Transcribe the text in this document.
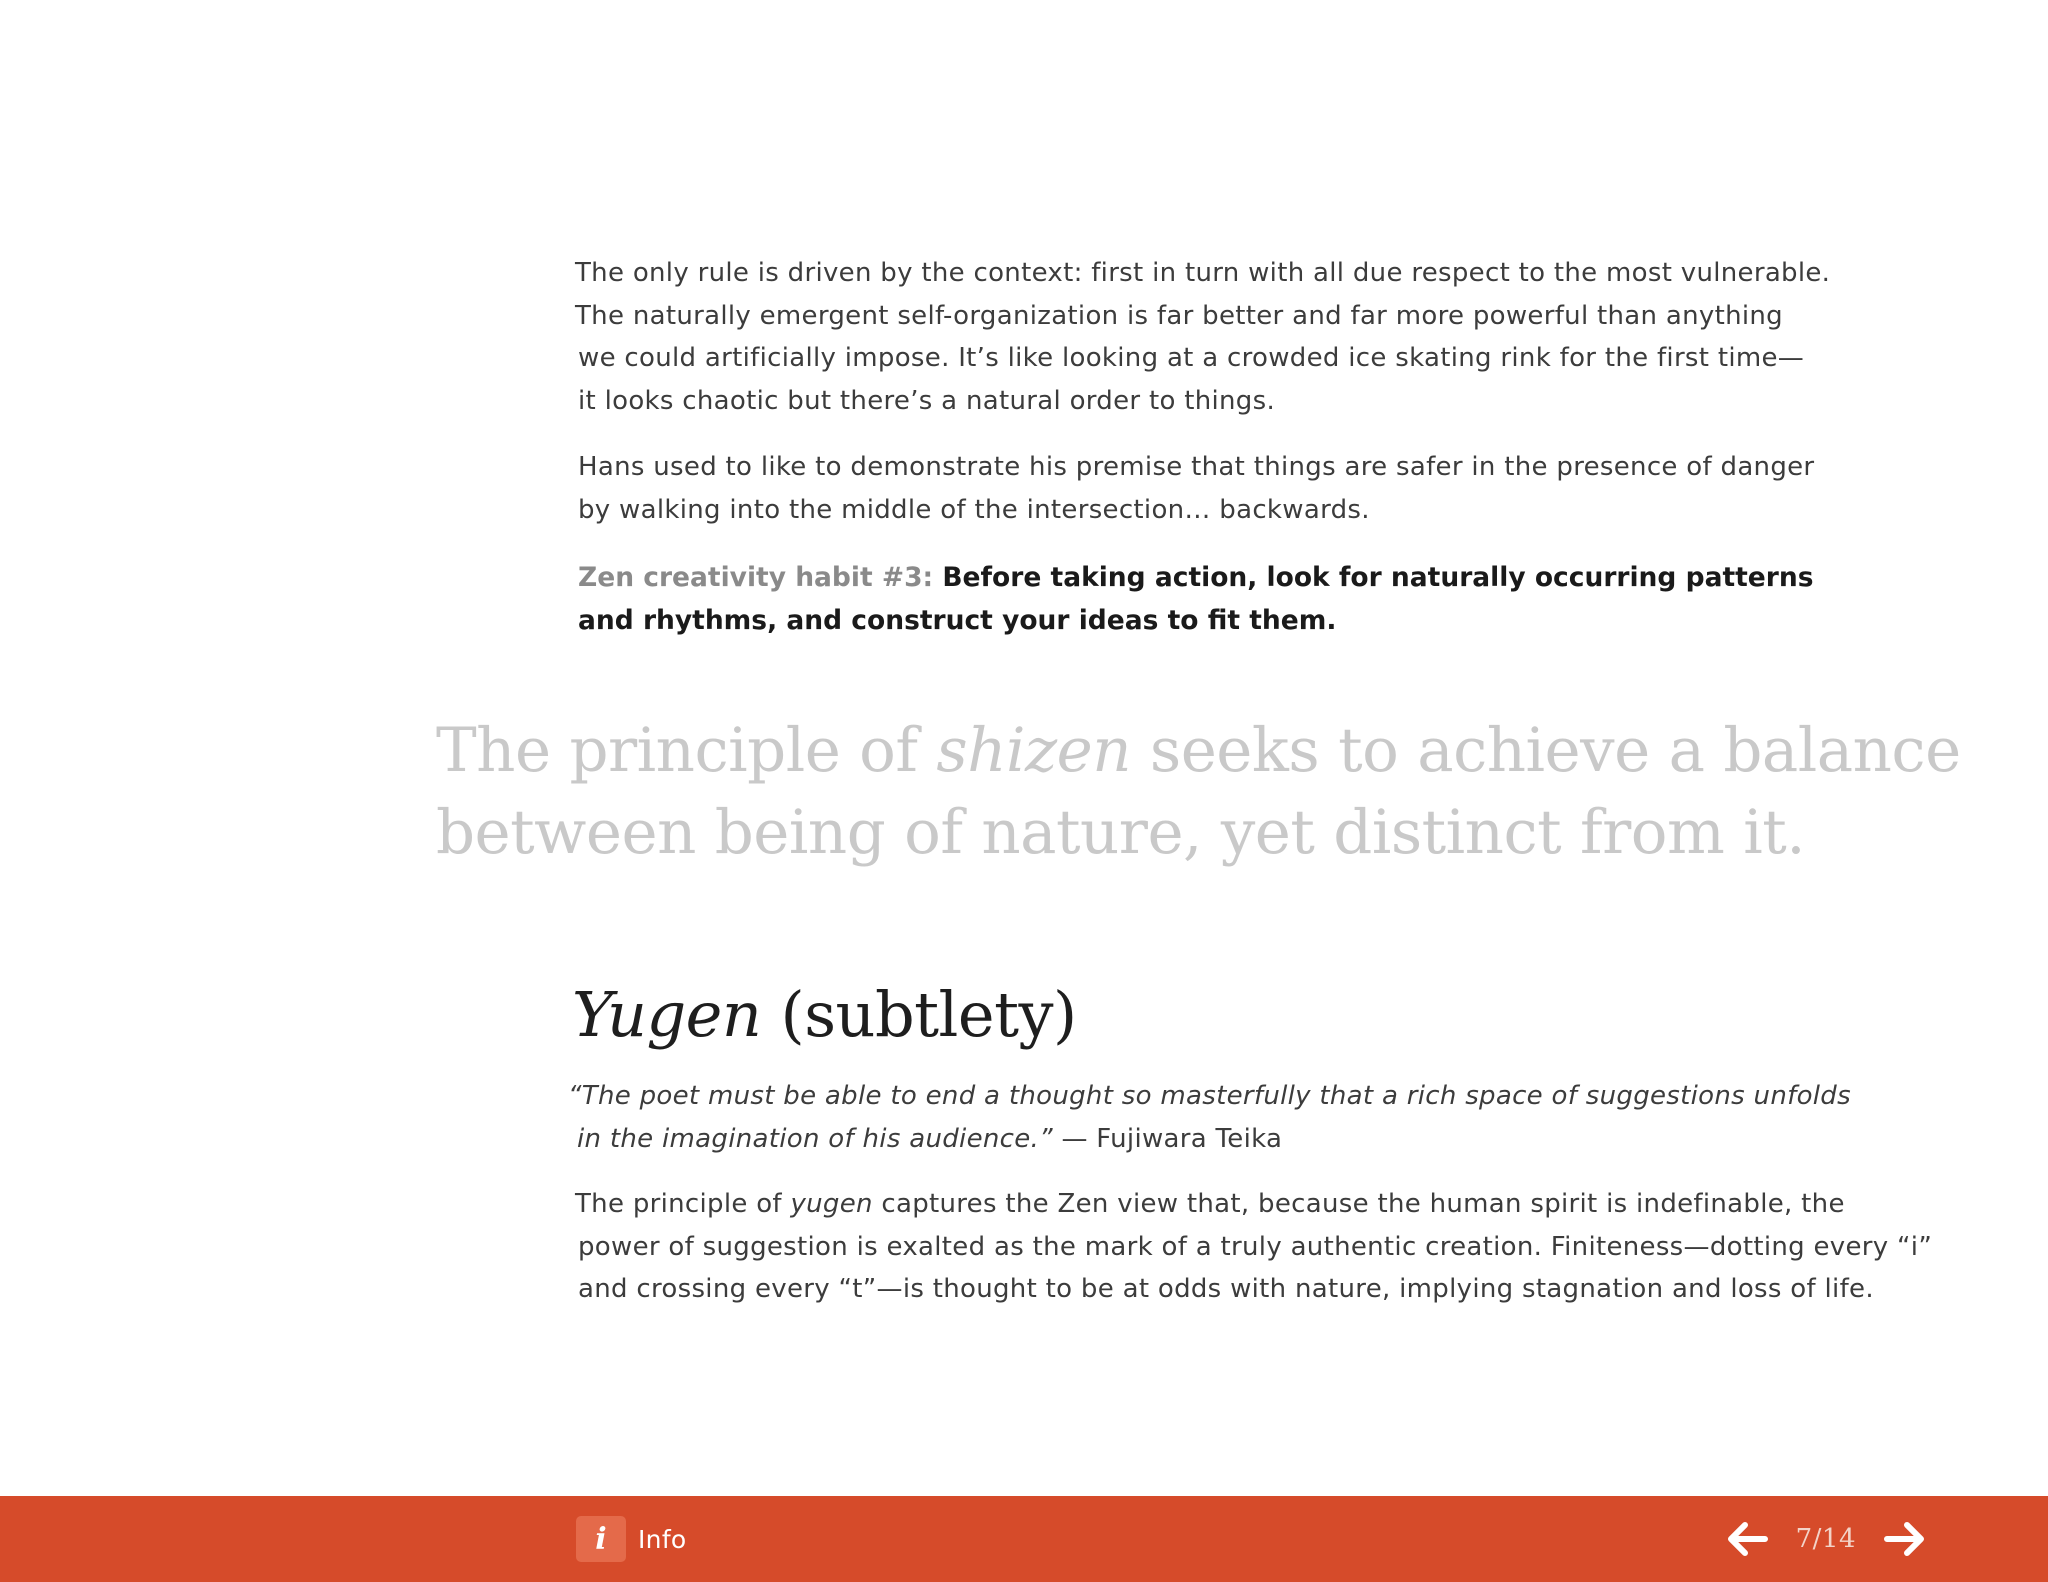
The only rule is driven by the context: first in turn with all due respect to the most vulnerable.
The naturally emergent self-organization is far better and far more powerful than anything
we could artificially impose. It’s like looking at a crowded ice skating rink for the first time—
it looks chaotic but there’s a natural order to things.

Hans used to like to demonstrate his premise that things are safer in the presence of danger
by walking into the middle of the intersection… backwards.

Zen creativity habit #3: Before taking action, look for naturally occurring patterns
and rhythms, and construct your ideas to fit them.

The principle of shizen seeks to achieve a balance
between being of nature, yet distinct from it.

Yugen (subtlety)

“The poet must be able to end a thought so masterfully that a rich space of suggestions unfolds
in the imagination of his audience.” — Fujiwara Teika

The principle of yugen captures the Zen view that, because the human spirit is indefinable, the
power of suggestion is exalted as the mark of a truly authentic creation. Finiteness—dotting every “i”
and crossing every “t”—is thought to be at odds with nature, implying stagnation and loss of life.

i	Info	7/14
